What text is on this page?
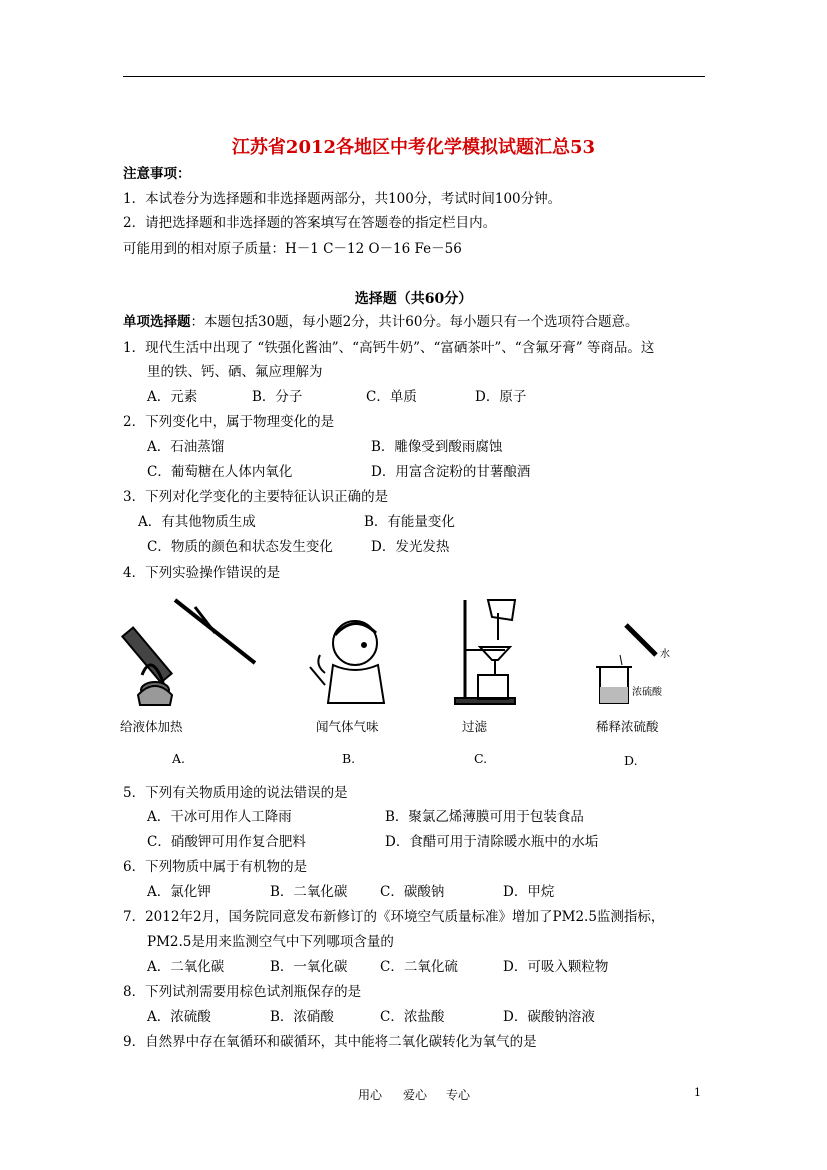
江苏省2012各地区中考化学模拟试题汇总53
注意事项：
1．本试卷分为选择题和非选择题两部分，共100分，考试时间100分钟。
2．请把选择题和非选择题的答案填写在答题卷的指定栏目内。
可能用到的相对原子质量：H－1 C－12 O－16 Fe－56
选择题（共60分）
单项选择题：本题包括30题，每小题2分，共计60分。每小题只有一个选项符合题意。
1．现代生活中出现了 “铁强化酱油”、“高钙牛奶”、“富硒茶叶”、“含氟牙膏” 等商品。这
里的铁、钙、硒、氟应理解为
A．元素	B．分子	C．单质	D．原子
2．下列变化中，属于物理变化的是
A．石油蒸馏	B．雕像受到酸雨腐蚀
C．葡萄糖在人体内氧化	D．用富含淀粉的甘薯酿酒
3．下列对化学变化的主要特征认识正确的是
A．有其他物质生成	B．有能量变化
C．物质的颜色和状态发生变化	D．发光发热
4．下列实验操作错误的是
水
浓硫酸
给液体加热	闻气体气味	过滤	稀释浓硫酸
A.	B.	C.	D.
5．下列有关物质用途的说法错误的是
A．干冰可用作人工降雨	B．聚氯乙烯薄膜可用于包装食品
C．硝酸钾可用作复合肥料	D．食醋可用于清除暖水瓶中的水垢
6．下列物质中属于有机物的是
A．氯化钾	B．二氧化碳 C．碳酸钠	D．甲烷
7．2012年2月，国务院同意发布新修订的《环境空气质量标准》增加了PM2.5监测指标，
PM2.5是用来监测空气中下列哪项含量的
A．二氧化碳	B．一氧化碳 C．二氧化硫	D．可吸入颗粒物
8．下列试剂需要用棕色试剂瓶保存的是
A．浓硫酸	B．浓硝酸	C．浓盐酸	D．碳酸钠溶液
9．自然界中存在氧循环和碳循环，其中能将二氧化碳转化为氧气的是
用心 爱心 专心	1
